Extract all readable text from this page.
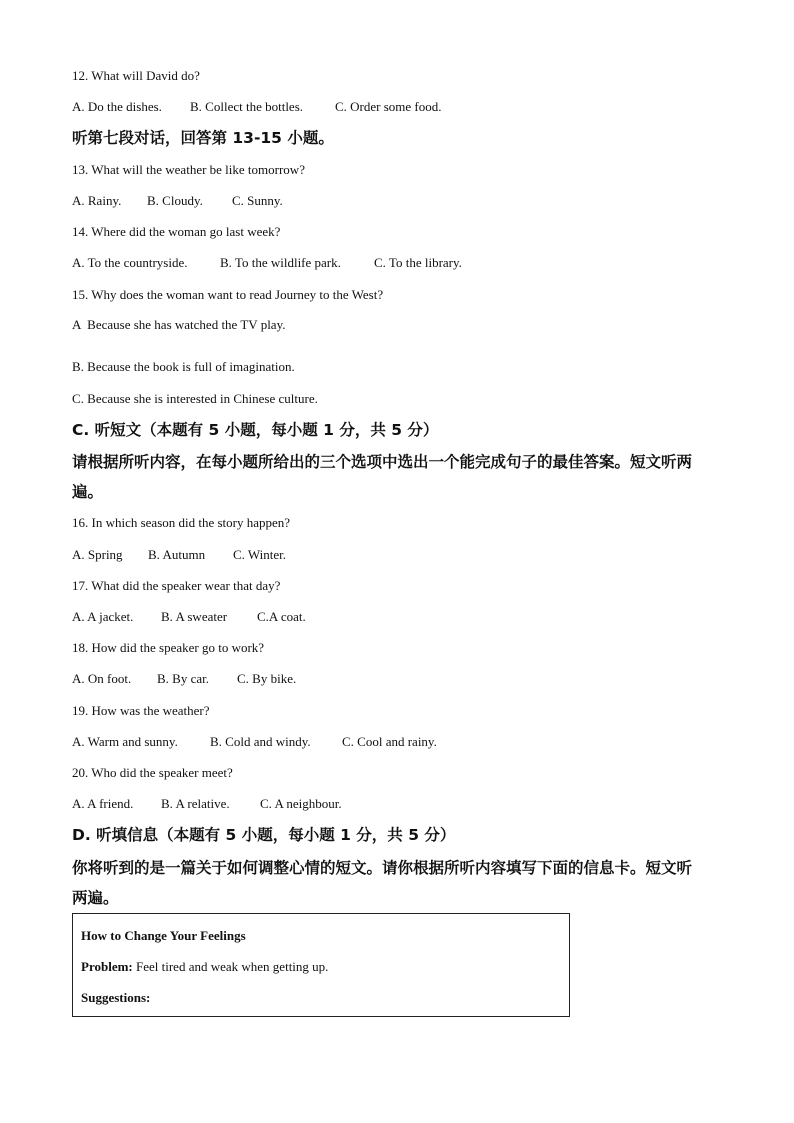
12. What will David do?
A. Do the dishes. B. Collect the bottles. C. Order some food.
听第七段对话，回答第 13-15 小题。
13. What will the weather be like tomorrow?
A. Rainy. B. Cloudy. C. Sunny.
14. Where did the woman go last week?
A. To the countryside.	B. To the wildlife park.	C. To the library.
15. Why does the woman want to read Journey to the West?
A  Because she has watched the TV play.
B. Because the book is full of imagination.
C. Because she is interested in Chinese culture.
C. 听短文（本题有 5 小题，每小题 1 分，共 5 分）
请根据所听内容，在每小题所给出的三个选项中选出一个能完成句子的最佳答案。短文听两
遍。
16. In which season did the story happen?
A. Spring B. Autumn C. Winter.
17. What did the speaker wear that day?
A. A jacket. B. A sweater C.A coat.
18. How did the speaker go to work?
A. On foot. B. By car. C. By bike.
19. How was the weather?
A. Warm and sunny. B. Cold and windy. C. Cool and rainy.
20. Who did the speaker meet?
A. A friend. B. A relative. C. A neighbour.
D. 听填信息（本题有 5 小题，每小题 1 分，共 5 分）
你将听到的是一篇关于如何调整心情的短文。请你根据所听内容填写下面的信息卡。短文听
两遍。
How to Change Your Feelings
Problem: Feel tired and weak when getting up.
Suggestions:
